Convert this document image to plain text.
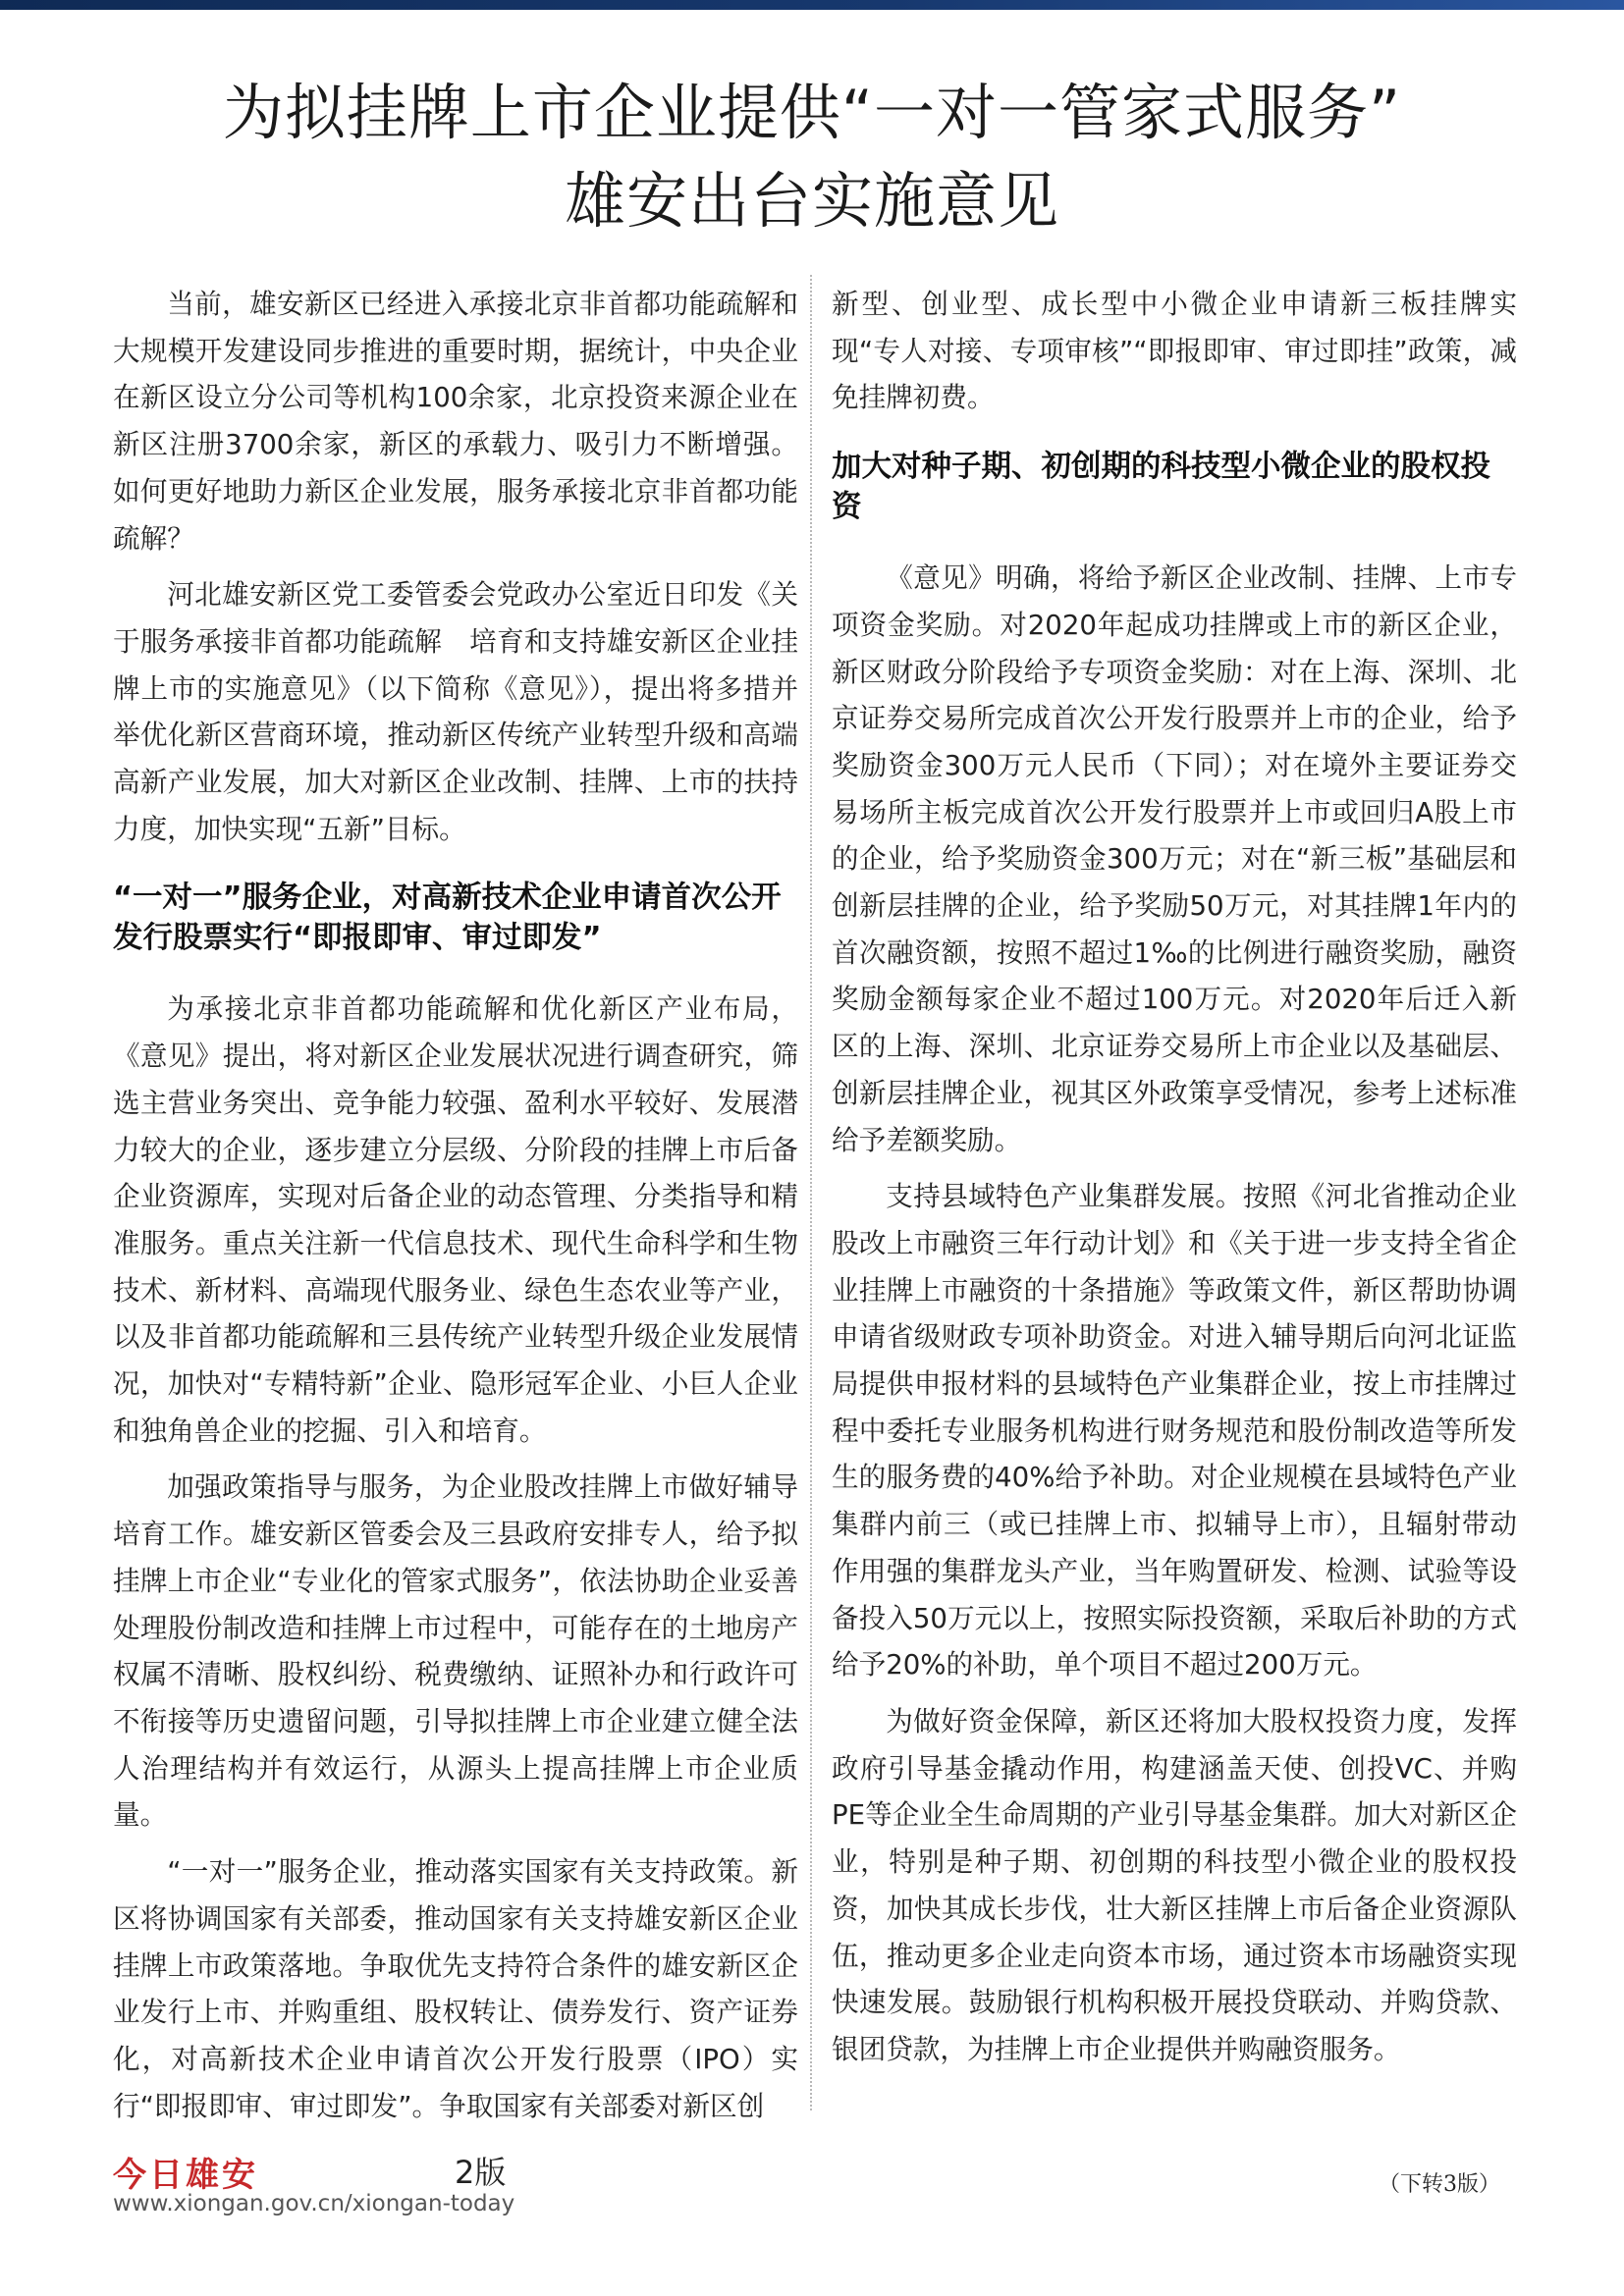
为拟挂牌上市企业提供“一对一管家式服务”
雄安出台实施意见

当前，雄安新区已经进入承接北京非首都功能疏解和大规模开发建设同步推进的重要时期，据统计，中央企业在新区设立分公司等机构100余家，北京投资来源企业在新区注册3700余家，新区的承载力、吸引力不断增强。如何更好地助力新区企业发展，服务承接北京非首都功能疏解？

河北雄安新区党工委管委会党政办公室近日印发《关于服务承接非首都功能疏解　培育和支持雄安新区企业挂牌上市的实施意见》（以下简称《意见》），提出将多措并举优化新区营商环境，推动新区传统产业转型升级和高端高新产业发展，加大对新区企业改制、挂牌、上市的扶持力度，加快实现“五新”目标。

“一对一”服务企业，对高新技术企业申请首次公开发行股票实行“即报即审、审过即发”

为承接北京非首都功能疏解和优化新区产业布局，《意见》提出，将对新区企业发展状况进行调查研究，筛选主营业务突出、竞争能力较强、盈利水平较好、发展潜力较大的企业，逐步建立分层级、分阶段的挂牌上市后备企业资源库，实现对后备企业的动态管理、分类指导和精准服务。重点关注新一代信息技术、现代生命科学和生物技术、新材料、高端现代服务业、绿色生态农业等产业，以及非首都功能疏解和三县传统产业转型升级企业发展情况，加快对“专精特新”企业、隐形冠军企业、小巨人企业和独角兽企业的挖掘、引入和培育。

加强政策指导与服务，为企业股改挂牌上市做好辅导培育工作。雄安新区管委会及三县政府安排专人，给予拟挂牌上市企业“专业化的管家式服务”，依法协助企业妥善处理股份制改造和挂牌上市过程中，可能存在的土地房产权属不清晰、股权纠纷、税费缴纳、证照补办和行政许可不衔接等历史遗留问题，引导拟挂牌上市企业建立健全法人治理结构并有效运行，从源头上提高挂牌上市企业质量。

“一对一”服务企业，推动落实国家有关支持政策。新区将协调国家有关部委，推动国家有关支持雄安新区企业挂牌上市政策落地。争取优先支持符合条件的雄安新区企业发行上市、并购重组、股权转让、债券发行、资产证券化，对高新技术企业申请首次公开发行股票（IPO）实行“即报即审、审过即发”。争取国家有关部委对新区创

新型、创业型、成长型中小微企业申请新三板挂牌实现“专人对接、专项审核”“即报即审、审过即挂”政策，减免挂牌初费。

加大对种子期、初创期的科技型小微企业的股权投资

《意见》明确，将给予新区企业改制、挂牌、上市专项资金奖励。对2020年起成功挂牌或上市的新区企业，新区财政分阶段给予专项资金奖励：对在上海、深圳、北京证券交易所完成首次公开发行股票并上市的企业，给予奖励资金300万元人民币（下同）；对在境外主要证券交易场所主板完成首次公开发行股票并上市或回归A股上市的企业，给予奖励资金300万元；对在“新三板”基础层和创新层挂牌的企业，给予奖励50万元，对其挂牌1年内的首次融资额，按照不超过1‰的比例进行融资奖励，融资奖励金额每家企业不超过100万元。对2020年后迁入新区的上海、深圳、北京证券交易所上市企业以及基础层、创新层挂牌企业，视其区外政策享受情况，参考上述标准给予差额奖励。

支持县域特色产业集群发展。按照《河北省推动企业股改上市融资三年行动计划》和《关于进一步支持全省企业挂牌上市融资的十条措施》等政策文件，新区帮助协调申请省级财政专项补助资金。对进入辅导期后向河北证监局提供申报材料的县域特色产业集群企业，按上市挂牌过程中委托专业服务机构进行财务规范和股份制改造等所发生的服务费的40%给予补助。对企业规模在县域特色产业集群内前三（或已挂牌上市、拟辅导上市），且辐射带动作用强的集群龙头产业，当年购置研发、检测、试验等设备投入50万元以上，按照实际投资额，采取后补助的方式给予20%的补助，单个项目不超过200万元。

为做好资金保障，新区还将加大股权投资力度，发挥政府引导基金撬动作用，构建涵盖天使、创投VC、并购PE等企业全生命周期的产业引导基金集群。加大对新区企业，特别是种子期、初创期的科技型小微企业的股权投资，加快其成长步伐，壮大新区挂牌上市后备企业资源队伍，推动更多企业走向资本市场，通过资本市场融资实现快速发展。鼓励银行机构积极开展投贷联动、并购贷款、银团贷款，为挂牌上市企业提供并购融资服务。

今日雄安	2版
www.xiongan.gov.cn/xiongan-today
（下转3版）
